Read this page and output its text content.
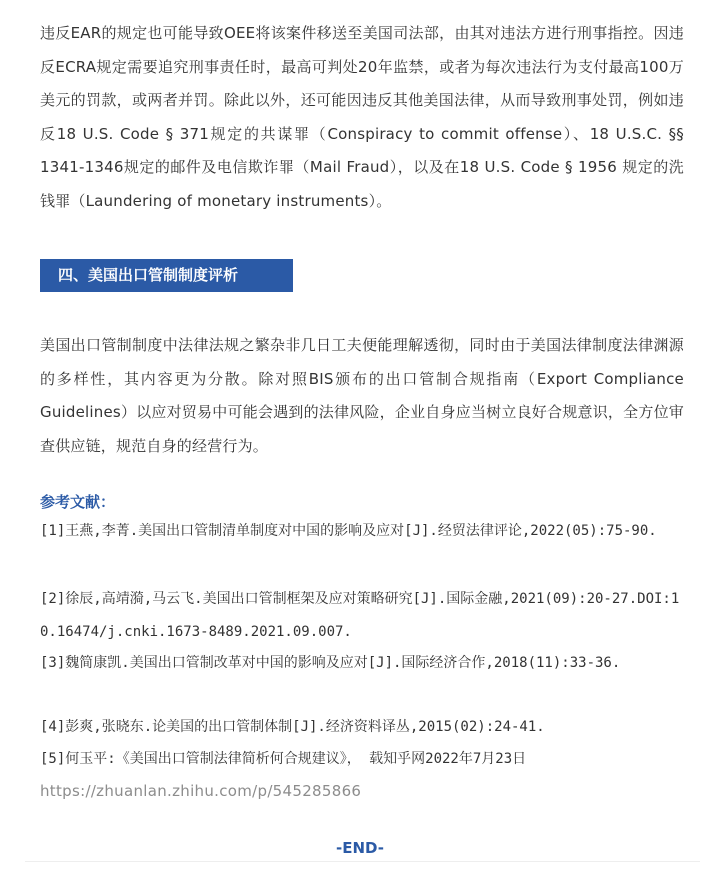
违反EAR的规定也可能导致OEE将该案件移送至美国司法部，由其对违法方进行刑事指控。因违反ECRA规定需要追究刑事责任时，最高可判处20年监禁，或者为每次违法行为支付最高100万美元的罚款，或两者并罚。除此以外，还可能因违反其他美国法律，从而导致刑事处罚，例如违反18 U.S. Code § 371规定的共谋罪（Conspiracy to commit offense）、18 U.S.C. §§ 1341-1346规定的邮件及电信欺诈罪（Mail Fraud），以及在18 U.S. Code § 1956 规定的洗钱罪（Laundering of monetary instruments）。

四、美国出口管制制度评析

美国出口管制制度中法律法规之繁杂非几日工夫便能理解透彻，同时由于美国法律制度法律渊源的多样性，其内容更为分散。除对照BIS颁布的出口管制合规指南（Export Compliance Guidelines）以应对贸易中可能会遇到的法律风险，企业自身应当树立良好合规意识，全方位审查供应链，规范自身的经营行为。

参考文献：

[1]王燕,李菁.美国出口管制清单制度对中国的影响及应对[J].经贸法律评论,2022(05):75-90.

[2]徐辰,高靖漪,马云飞.美国出口管制框架及应对策略研究[J].国际金融,2021(09):20-27.DOI:10.16474/j.cnki.1673-8489.2021.09.007.

[3]魏简康凯.美国出口管制改革对中国的影响及应对[J].国际经济合作,2018(11):33-36.

[4]彭爽,张晓东.论美国的出口管制体制[J].经济资料译丛,2015(02):24-41.

[5]何玉平:《美国出口管制法律简析何合规建议》， 载知乎网2022年7月23日

https://zhuanlan.zhihu.com/p/545285866
-END-
